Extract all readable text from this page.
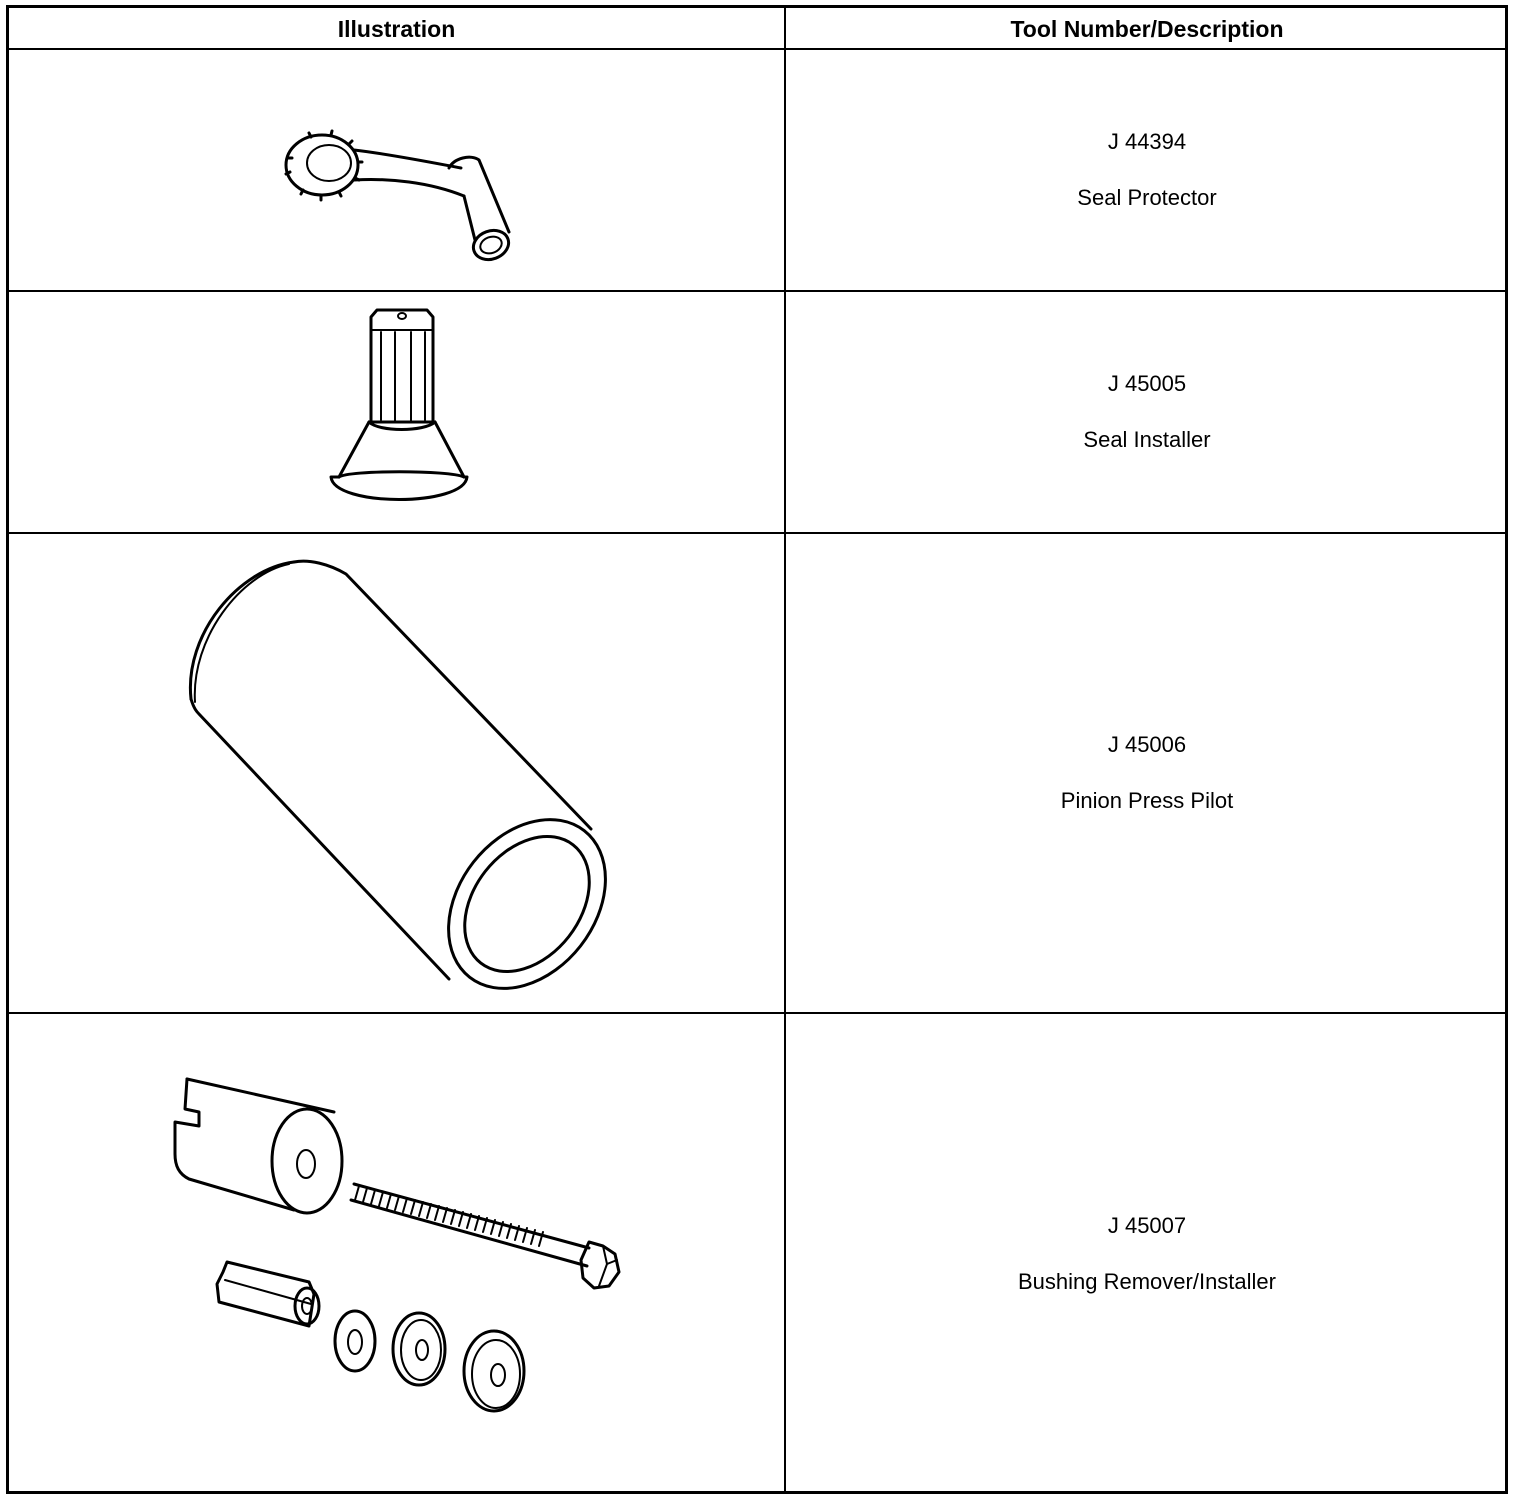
Illustration	Tool Number/Description
J 44394
Seal Protector
J 45005
Seal Installer
J 45006
Pinion Press Pilot
J 45007
Bushing Remover/Installer
